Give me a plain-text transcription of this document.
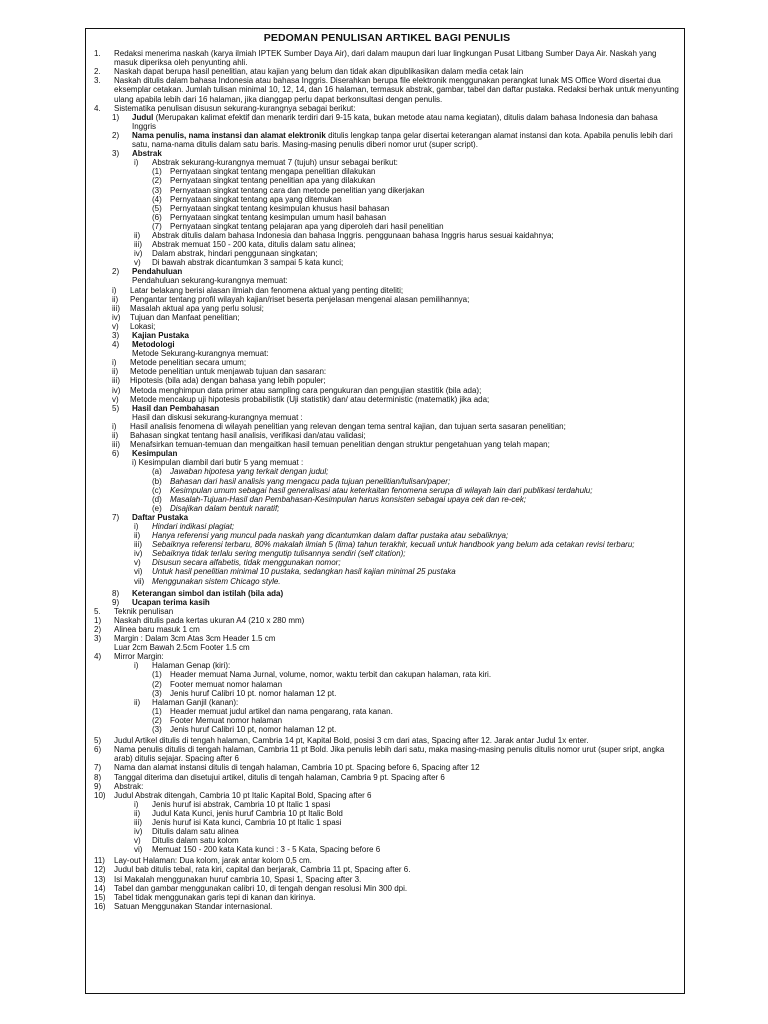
PEDOMAN PENULISAN ARTIKEL BAGI PENULIS
1. Redaksi menerima naskah (karya ilmiah IPTEK Sumber Daya Air), dari dalam maupun dari luar lingkungan Pusat Litbang Sumber Daya Air. Naskah yang masuk diperiksa oleh penyunting ahli.
2. Naskah dapat berupa hasil penelitian, atau kajian yang belum dan tidak akan dipublikasikan dalam media cetak lain
3. Naskah ditulis dalam bahasa Indonesia atau bahasa Inggris. Diserahkan berupa file elektronik menggunakan perangkat lunak MS Office Word disertai dua eksemplar cetakan. Jumlah tulisan minimal 10, 12, 14, dan 16 halaman, termasuk abstrak, gambar, tabel dan daftar pustaka. Redaksi berhak untuk menyunting ulang apabila lebih dari 16 halaman, jika dianggap perlu dapat berkonsultasi dengan penulis.
4. Sistematika penulisan disusun sekurang-kurangnya sebagai berikut:
1) Judul (Merupakan kalimat efektif dan menarik terdiri dari 9-15 kata, bukan metode atau nama kegiatan), ditulis dalam bahasa Indonesia dan bahasa Inggris
2) Nama penulis, nama instansi dan alamat elektronik ditulis lengkap tanpa gelar disertai keterangan alamat instansi dan kota. Apabila penulis lebih dari satu, nama-nama ditulis dalam satu baris. Masing-masing penulis diberi nomor urut (super script).
3) Abstrak
i) Abstrak sekurang-kurangnya memuat 7 (tujuh) unsur sebagai berikut:
(1) Pernyataan singkat tentang mengapa penelitian dilakukan
(2) Pernyataan singkat tentang penelitian apa yang dilakukan
(3) Pernyataan singkat tentang cara dan metode penelitian yang dikerjakan
(4) Pernyataan singkat tentang apa yang ditemukan
(5) Pernyataan singkat tentang kesimpulan khusus hasil bahasan
(6) Pernyataan singkat tentang kesimpulan umum hasil bahasan
(7) Pernyataan singkat tentang pelajaran apa yang diperoleh dari hasil penelitian
ii) Abstrak ditulis dalam bahasa Indonesia dan bahasa Inggris. penggunaan bahasa Inggris harus sesuai kaidahnya;
iii) Abstrak memuat 150 - 200 kata, ditulis dalam satu alinea;
iv) Dalam abstrak, hindari penggunaan singkatan;
v) Di bawah abstrak dicantumkan 3 sampai 5 kata kunci;
2) Pendahuluan
Pendahuluan sekurang-kurangnya memuat:
i) Latar belakang berisi alasan ilmiah dan fenomena aktual yang penting diteliti;
ii) Pengantar tentang profil wilayah kajian/riset beserta penjelasan mengenai alasan pemilihannya;
iii) Masalah aktual apa yang perlu solusi;
iv) Tujuan dan Manfaat penelitian;
v) Lokasi;
3) Kajian Pustaka
4) Metodologi
Metode Sekurang-kurangnya memuat:
i) Metode penelitian secara umum;
ii) Metode penelitian untuk menjawab tujuan dan sasaran:
iii) Hipotesis (bila ada) dengan bahasa yang lebih populer;
iv) Metoda menghimpun data primer atau sampling cara pengukuran dan pengujian stastitik (bila ada);
v) Metode mencakup uji hipotesis probabilistik (Uji statistik) dan/ atau deterministic (matematik) jika ada;
5) Hasil dan Pembahasan
Hasil dan diskusi sekurang-kurangnya memuat :
i) Hasil analisis fenomena di wilayah penelitian yang relevan dengan tema sentral kajian, dan tujuan serta sasaran penelitian;
ii) Bahasan singkat tentang hasil analisis, verifikasi dan/atau validasi;
iii) Menafsirkan temuan-temuan dan mengaitkan hasil temuan penelitian dengan struktur pengetahuan yang telah mapan;
6) Kesimpulan
i) Kesimpulan diambil dari butir 5 yang memuat :
(a) Jawaban hipotesa yang terkait dengan judul;
(b) Bahasan dari hasil analisis yang mengacu pada tujuan penelitian/tulisan/paper;
(c) Kesimpulan umum sebagai hasil generalisasi atau keterkaitan fenomena serupa di wilayah lain dari publikasi terdahulu;
(d) Masalah-Tujuan-Hasil dan Pembahasan-Kesimpulan harus konsisten sebagai upaya cek dan re-cek;
(e) Disajikan dalam bentuk naratif;
7) Daftar Pustaka
i) Hindari indikasi plagiat;
ii) Hanya referensi yang muncul pada naskah yang dicantumkan dalam daftar pustaka atau sebaliknya;
iii) Sebaiknya referensi terbaru, 80% makalah ilmiah 5 (lima) tahun terakhir, kecuali untuk handbook yang belum ada cetakan revisi terbaru;
iv) Sebaiknya tidak terlalu sering mengutip tulisannya sendiri (self citation);
v) Disusun secara alfabetis, tidak menggunakan nomor;
vi) Untuk hasil penelitian minimal 10 pustaka, sedangkan hasil kajian minimal 25 pustaka
vii) Menggunakan sistem Chicago style.
8) Keterangan simbol dan istilah (bila ada)
9) Ucapan terima kasih
5. Teknik penulisan
1) Naskah ditulis pada kertas ukuran A4 (210 x 280 mm)
2) Alinea baru masuk 1 cm
3) Margin : Dalam 3cm Atas 3cm Header 1.5 cm
Luar 2cm Bawah 2.5cm Footer 1.5 cm
4) Mirror Margin:
i) Halaman Genap (kiri):
(1) Header memuat Nama Jurnal, volume, nomor, waktu terbit dan cakupan halaman, rata kiri.
(2) Footer memuat nomor halaman
(3) Jenis huruf Calibri 10 pt. nomor halaman 12 pt.
ii) Halaman Ganjil (kanan):
(1) Header memuat judul artikel dan nama pengarang, rata kanan.
(2) Footer Memuat nomor halaman
(3) Jenis huruf Calibri 10 pt, nomor halaman 12 pt.
5) Judul Artikel ditulis di tengah halaman, Cambria 14 pt, Kapital Bold, posisi 3 cm dari atas, Spacing after 12. Jarak antar Judul 1x enter.
6) Nama penulis ditulis di tengah halaman, Cambria 11 pt Bold. Jika penulis lebih dari satu, maka masing-masing penulis ditulis nomor urut (super sript, angka arab) ditulis sejajar. Spacing after 6
7) Nama dan alamat instansi ditulis di tengah halaman, Cambria 10 pt. Spacing before 6, Spacing after 12
8) Tanggal diterima dan disetujui artikel, ditulis di tengah halaman, Cambria 9 pt. Spacing after 6
9) Abstrak:
10) Judul Abstrak ditengah, Cambria 10 pt Italic Kapital Bold, Spacing after 6
i) Jenis huruf isi abstrak, Cambria 10 pt Italic 1 spasi
ii) Judul Kata Kunci, jenis huruf Cambria 10 pt Italic Bold
iii) Jenis huruf isi Kata kunci, Cambria 10 pt Italic 1 spasi
iv) Ditulis dalam satu alinea
v) Ditulis dalam satu kolom
vi) Memuat 150 - 200 kata Kata kunci : 3 - 5 Kata, Spacing before 6
11) Lay-out Halaman: Dua kolom, jarak antar kolom 0,5 cm.
12) Judul bab ditulis tebal, rata kiri, capital dan berjarak, Cambria 11 pt, Spacing after 6.
13) Isi Makalah menggunakan huruf cambria 10, Spasi 1, Spacing after 3.
14) Tabel dan gambar menggunakan calibri 10, di tengah dengan resolusi Min 300 dpi.
15) Tabel tidak menggunakan garis tepi di kanan dan kirinya.
16) Satuan Menggunakan Standar internasional.
